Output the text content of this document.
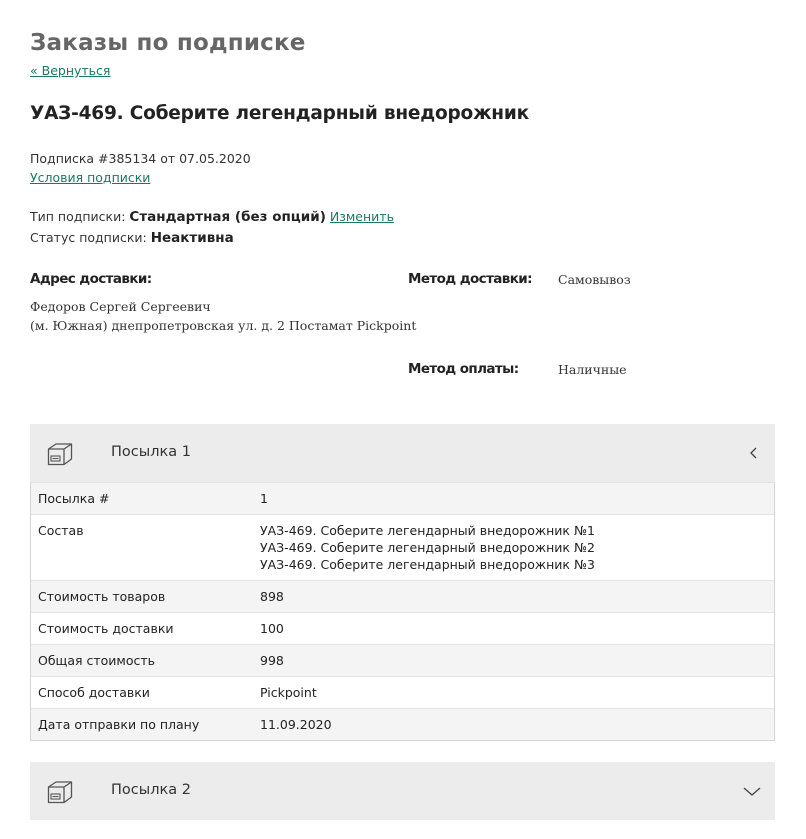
Заказы по подписке
« Вернуться
УАЗ-469. Соберите легендарный внедорожник
Подписка #385134 от 07.05.2020
Условия подписки
Тип подписки: Стандартная (без опций) Изменить
Статус подписки: Неактивна
Адрес доставки:
Федоров Сергей Сергеевич
(м. Южная) днепропетровская ул. д. 2 Постамат Pickpoint
Метод доставки: Самовывоз
Метод оплаты:	Наличные
Посылка 1
Посылка #	1
Состав	УАЗ-469. Соберите легендарный внедорожник №1
УАЗ-469. Соберите легендарный внедорожник №2
УАЗ-469. Соберите легендарный внедорожник №3
Стоимость товаров	898
Стоимость доставки	100
Общая стоимость	998
Способ доставки	Pickpoint
Дата отправки по плану	11.09.2020
Посылка 2
